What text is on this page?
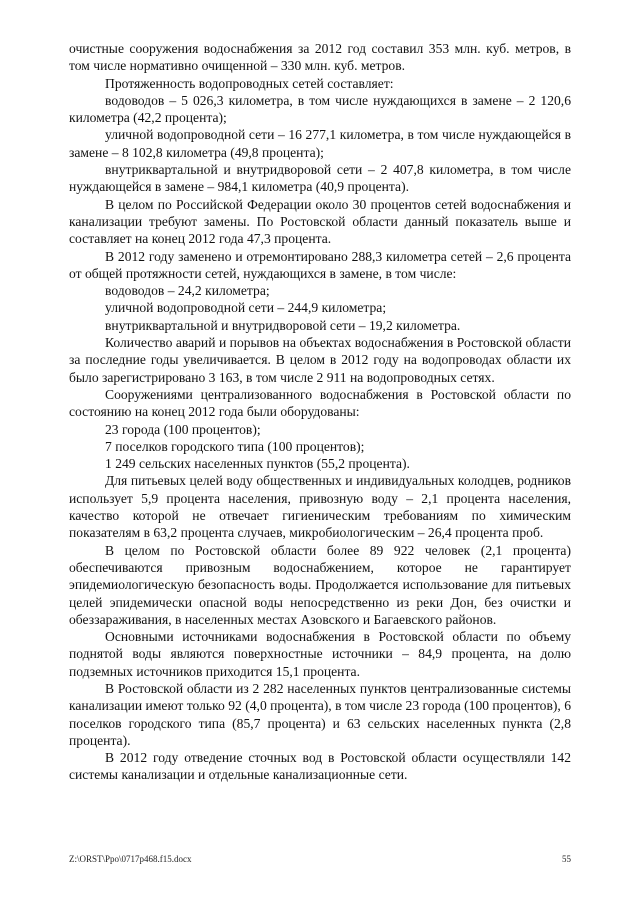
очистные сооружения водоснабжения за 2012 год составил 353 млн. куб. метров, в том числе нормативно очищенной – 330 млн. куб. метров.

Протяженность водопроводных сетей составляет:

водоводов – 5 026,3 километра, в том числе нуждающихся в замене – 2 120,6 километра (42,2 процента);

уличной водопроводной сети – 16 277,1 километра, в том числе нуждающейся в замене – 8 102,8 километра (49,8 процента);

внутриквартальной и внутридворовой сети – 2 407,8 километра, в том числе нуждающейся в замене – 984,1 километра (40,9 процента).

В целом по Российской Федерации около 30 процентов сетей водоснабжения и канализации требуют замены. По Ростовской области данный показатель выше и составляет на конец 2012 года 47,3 процента.

В 2012 году заменено и отремонтировано 288,3 километра сетей – 2,6 процента от общей протяжности сетей, нуждающихся в замене, в том числе:

водоводов – 24,2 километра;

уличной водопроводной сети – 244,9 километра;

внутриквартальной и внутридворовой сети – 19,2 километра.

Количество аварий и порывов на объектах водоснабжения в Ростовской области за последние годы увеличивается. В целом в 2012 году на водопроводах области их было зарегистрировано 3 163, в том числе 2 911 на водопроводных сетях.

Сооружениями централизованного водоснабжения в Ростовской области по состоянию на конец 2012 года были оборудованы:

23 города (100 процентов);

7 поселков городского типа (100 процентов);

1 249 сельских населенных пунктов (55,2 процента).

Для питьевых целей воду общественных и индивидуальных колодцев, родников использует 5,9 процента населения, привозную воду – 2,1 процента населения, качество которой не отвечает гигиеническим требованиям по химическим показателям в 63,2 процента случаев, микробиологическим – 26,4 процента проб.

В целом по Ростовской области более 89 922 человек (2,1 процента) обеспечиваются привозным водоснабжением, которое не гарантирует эпидемиологическую безопасность воды. Продолжается использование для питьевых целей эпидемически опасной воды непосредственно из реки Дон, без очистки и обеззараживания, в населенных местах Азовского и Багаевского районов.

Основными источниками водоснабжения в Ростовской области по объему поднятой воды являются поверхностные источники – 84,9 процента, на долю подземных источников приходится 15,1 процента.

В Ростовской области из 2 282 населенных пунктов централизованные системы канализации имеют только 92 (4,0 процента), в том числе 23 города (100 процентов), 6 поселков городского типа (85,7 процента) и 63 сельских населенных пункта (2,8 процента).

В 2012 году отведение сточных вод в Ростовской области осуществляли 142 системы канализации и отдельные канализационные сети.

Z:\ORST\Ppo\0717p468.f15.docx	55
